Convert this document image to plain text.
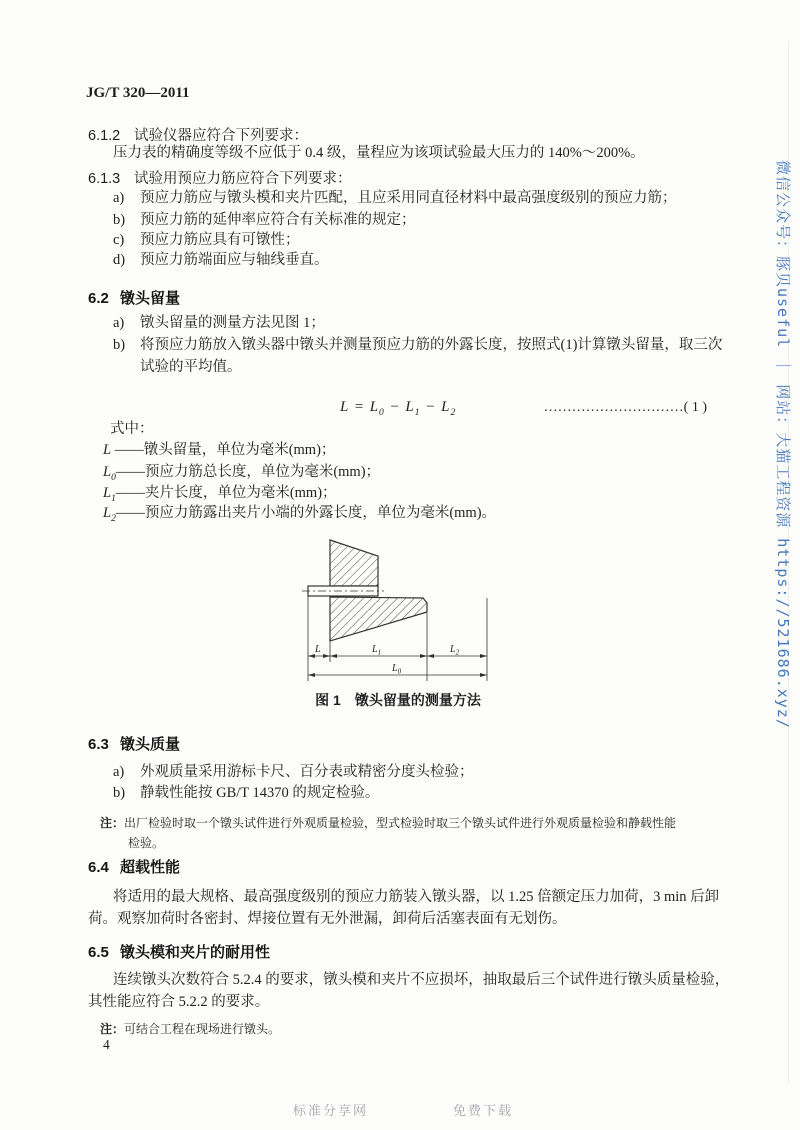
JG/T 320—2011
6.1.2 试验仪器应符合下列要求：
压力表的精确度等级不应低于 0.4 级，量程应为该项试验最大压力的 140%～200%。
6.1.3 试验用预应力筋应符合下列要求：
a) 预应力筋应与镦头模和夹片匹配，且应采用同直径材料中最高强度级别的预应力筋；
b) 预应力筋的延伸率应符合有关标准的规定；
c) 预应力筋应具有可镦性；
d) 预应力筋端面应与轴线垂直。
6.2 镦头留量
a) 镦头留量的测量方法见图 1；
b) 将预应力筋放入镦头器中镦头并测量预应力筋的外露长度，按照式(1)计算镦头留量，取三次
试验的平均值。
$L = L_0 - L_1 - L_2$	…………………………( 1 )
式中：
L ——镦头留量，单位为毫米(mm)；
$L_0——$预应力筋总长度，单位为毫米(mm)；
$L_1——$夹片长度，单位为毫米(mm)；
$L_2——$预应力筋露出夹片小端的外露长度，单位为毫米(mm)。
L	$L_1$	$L_2$
$L_0$
图 1　镦头留量的测量方法
6.3 镦头质量
a) 外观质量采用游标卡尺、百分表或精密分度头检验；
b) 静载性能按 GB/T 14370 的规定检验。
注：出厂检验时取一个镦头试件进行外观质量检验，型式检验时取三个镦头试件进行外观质量检验和静载性能
检验。
6.4 超载性能
将适用的最大规格、最高强度级别的预应力筋装入镦头器，以 1.25 倍额定压力加荷，3 min 后卸
荷。观察加荷时各密封、焊接位置有无外泄漏，卸荷后活塞表面有无划伤。
6.5 镦头模和夹片的耐用性
连续镦头次数符合 5.2.4 的要求，镦头模和夹片不应损坏，抽取最后三个试件进行镦头质量检验，
其性能应符合 5.2.2 的要求。
注：可结合工程在现场进行镦头。
4
微信公众号：豚贝useful ｜ 网站：大猫工程资源 https://521686.xyz/
标准分享网	免费下载
